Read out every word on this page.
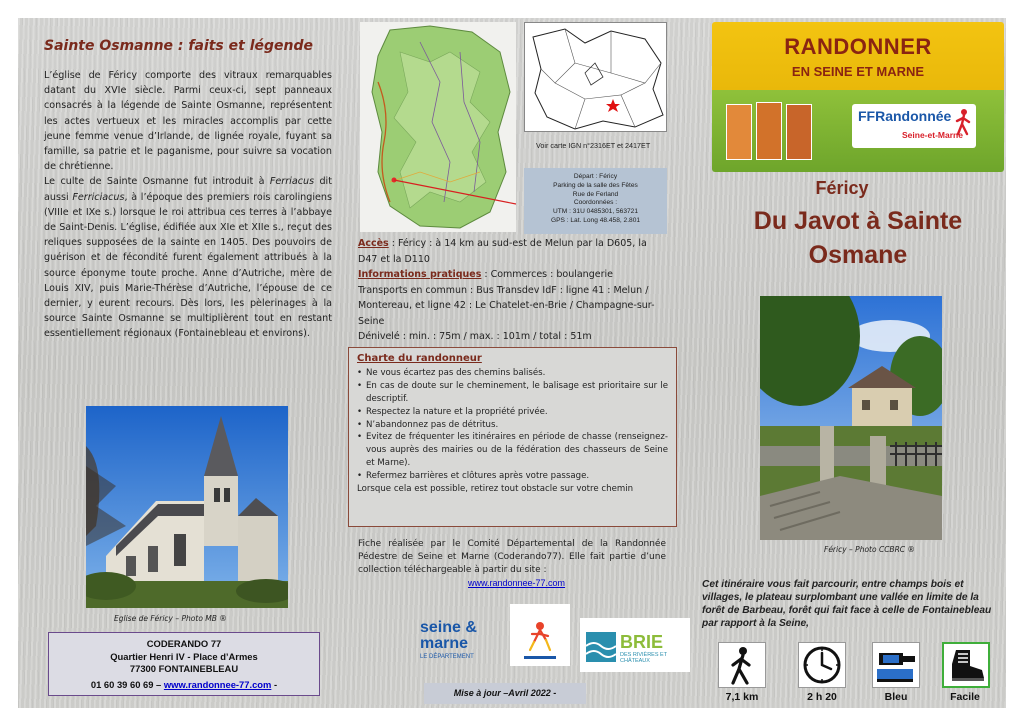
Sainte Osmanne : faits et légende

L’église de Féricy comporte des vitraux remarquables datant du XVIe siècle. Parmi ceux-ci, sept panneaux consacrés à la légende de Sainte Osmanne, représentent les actes vertueux et les miracles accomplis par cette jeune femme venue d’Irlande, de lignée royale, fuyant sa famille, sa patrie et le paganisme, pour suivre sa vocation de chrétienne.

Le culte de Sainte Osmanne fut introduit à Ferriacus dit aussi Ferriciacus, à l’époque des premiers rois carolingiens (VIIIe et IXe s.) lorsque le roi attribua ces terres à l’abbaye de Saint-Denis. L’église, édifiée aux XIe et XIIe s., reçut des reliques supposées de la sainte en 1405. Des pouvoirs de guérison et de fécondité furent également attribués à la source éponyme toute proche. Anne d’Autriche, mère de Louis XIV, puis Marie-Thérèse d’Autriche, l’épouse de ce dernier, y eurent recours. Dès lors, les pèlerinages à la source Sainte Osmanne se multiplièrent tout en restant essentiellement régionaux (Fontainebleau et environs).

Eglise de Féricy – Photo MB ®
CODERANDO 77
Quartier Henri IV - Place d’Armes
77300 FONTAINEBLEAU
01 60 39 60 69 – www.randonnee-77.com -
Voir carte IGN n°2316ET et 2417ET
Départ : Féricy
Parking de la salle des Fêtes
Rue de Ferland
Coordonnées :
UTM : 31U 0485301, 563721
GPS : Lat. Long 48.458, 2.801

Accès : Féricy : à 14 km au sud-est de Melun par la D605, la D47 et la D110

Informations pratiques : Commerces : boulangerie

Transports en commun : Bus Transdev IdF : ligne 41 : Melun / Montereau, et ligne 42 : Le Chatelet-en-Brie / Champagne-sur-Seine

Dénivelé : min. : 75m / max. : 101m / total : 51m

Charte du randonneur
• Ne vous écartez pas des chemins balisés.
• En cas de doute sur le cheminement, le balisage est prioritaire sur le descriptif.
• Respectez la nature et la propriété privée.
• N’abandonnez pas de détritus.
• Evitez de fréquenter les itinéraires en période de chasse (renseignez-vous auprès des mairies ou de la fédération des chasseurs de Seine et Marne).
• Refermez barrières et clôtures après votre passage.
Lorsque cela est possible, retirez tout obstacle sur votre chemin
Fiche réalisée par le Comité Départemental de la Randonnée Pédestre de Seine et Marne (Coderando77). Elle fait partie d’une collection téléchargeable à partir du site :
www.randonnee-77.com
seine & marne
LE DÉPARTEMENT
BRIE
DES RIVIÈRES ET CHÂTEAUX
Mise à jour –Avril 2022 -
RANDONNER
EN SEINE ET MARNE
FFRandonnée
Seine-et-Marne
Féricy
Du Javot à Sainte Osmane
Féricy – Photo CCBRC ®
Cet itinéraire vous fait parcourir, entre champs bois et villages, le plateau surplombant une vallée en limite de la forêt de Barbeau, forêt qui fait face à celle de Fontainebleau par rapport à la Seine,
7,1 km	2 h 20	Bleu	Facile
